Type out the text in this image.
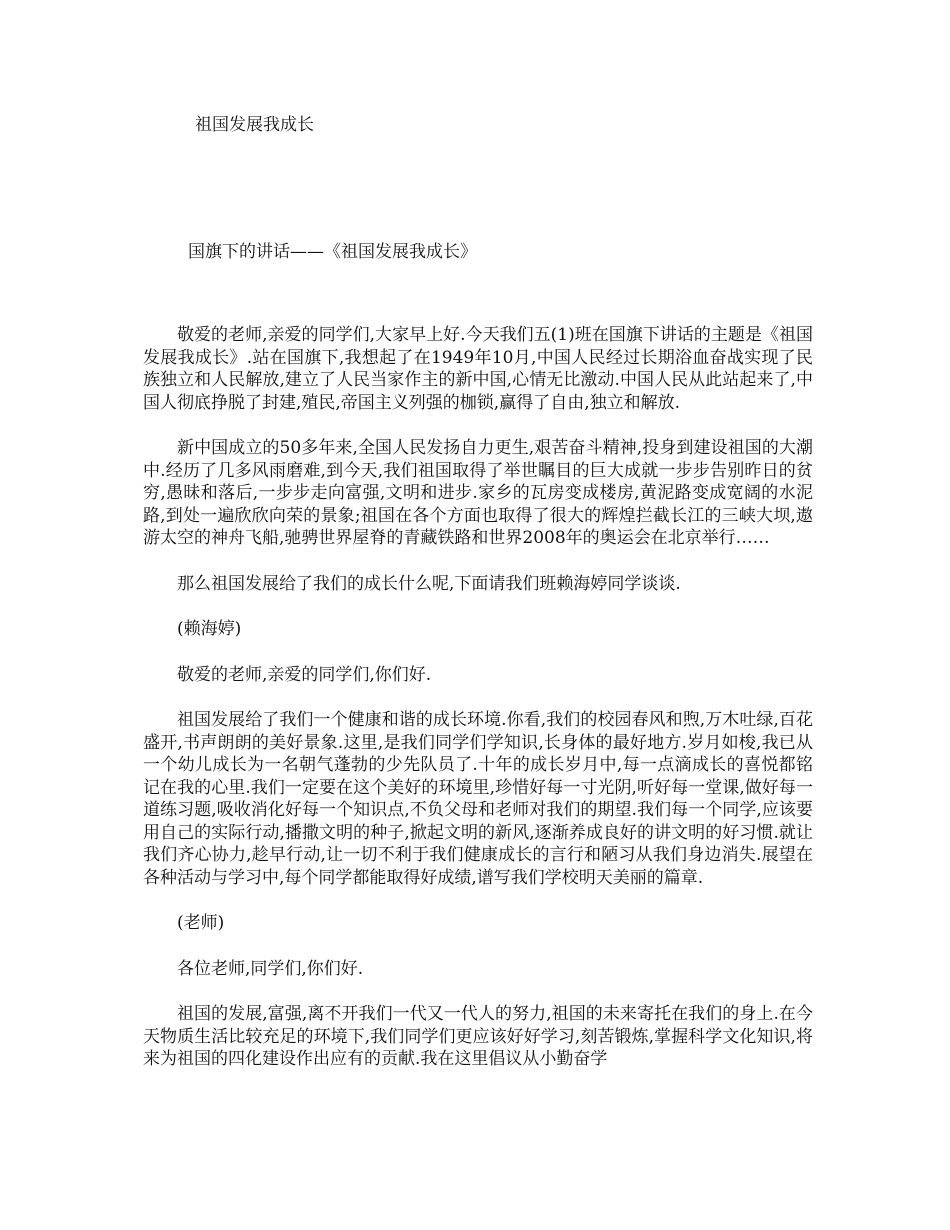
祖国发展我成长
国旗下的讲话——《祖国发展我成长》

敬爱的老师,亲爱的同学们,大家早上好.今天我们五(1)班在国旗下讲话的主题是《祖国发展我成长》.站在国旗下,我想起了在1949年10月,中国人民经过长期浴血奋战实现了民族独立和人民解放,建立了人民当家作主的新中国,心情无比激动.中国人民从此站起来了,中国人彻底挣脱了封建,殖民,帝国主义列强的枷锁,赢得了自由,独立和解放.

新中国成立的50多年来,全国人民发扬自力更生,艰苦奋斗精神,投身到建设祖国的大潮中.经历了几多风雨磨难,到今天,我们祖国取得了举世瞩目的巨大成就一步步告别昨日的贫穷,愚昧和落后,一步步走向富强,文明和进步.家乡的瓦房变成楼房,黄泥路变成宽阔的水泥路,到处一遍欣欣向荣的景象;祖国在各个方面也取得了很大的辉煌拦截长江的三峡大坝,遨游太空的神舟飞船,驰骋世界屋脊的青藏铁路和世界2008年的奥运会在北京举行……

那么祖国发展给了我们的成长什么呢,下面请我们班赖海婷同学谈谈.

(赖海婷)

敬爱的老师,亲爱的同学们,你们好.

祖国发展给了我们一个健康和谐的成长环境.你看,我们的校园春风和煦,万木吐绿,百花盛开,书声朗朗的美好景象.这里,是我们同学们学知识,长身体的最好地方.岁月如梭,我已从一个幼儿成长为一名朝气蓬勃的少先队员了.十年的成长岁月中,每一点滴成长的喜悦都铭记在我的心里.我们一定要在这个美好的环境里,珍惜好每一寸光阴,听好每一堂课,做好每一道练习题,吸收消化好每一个知识点,不负父母和老师对我们的期望.我们每一个同学,应该要用自己的实际行动,播撒文明的种子,掀起文明的新风,逐渐养成良好的讲文明的好习惯.就让我们齐心协力,趁早行动,让一切不利于我们健康成长的言行和陋习从我们身边消失.展望在各种活动与学习中,每个同学都能取得好成绩,谱写我们学校明天美丽的篇章.

(老师)

各位老师,同学们,你们好.

祖国的发展,富强,离不开我们一代又一代人的努力,祖国的未来寄托在我们的身上.在今天物质生活比较充足的环境下,我们同学们更应该好好学习,刻苦锻炼,掌握科学文化知识,将来为祖国的四化建设作出应有的贡献.我在这里倡议从小勤奋学
